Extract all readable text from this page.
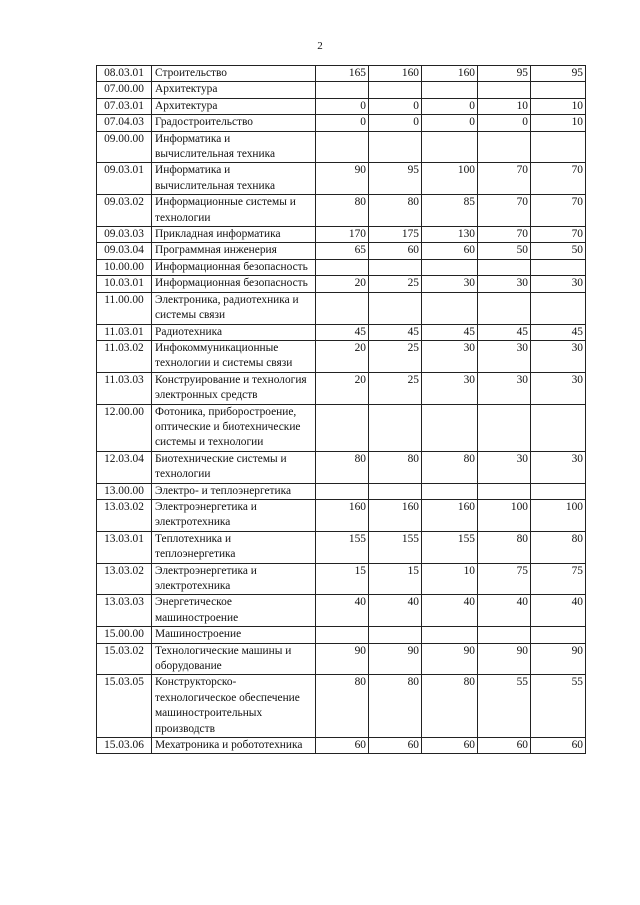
2
08.03.01	Строительство	165	160	160	95	95
07.00.00	Архитектура					
07.03.01	Архитектура	0	0	0	10	10
07.04.03	Градостроительство	0	0	0	0	10
09.00.00	Информатика и вычислительная техника					
09.03.01	Информатика и вычислительная техника	90	95	100	70	70
09.03.02	Информационные системы и технологии	80	80	85	70	70
09.03.03	Прикладная информатика	170	175	130	70	70
09.03.04	Программная инженерия	65	60	60	50	50
10.00.00	Информационная безопасность					
10.03.01	Информационная безопасность	20	25	30	30	30
11.00.00	Электроника, радиотехника и системы связи					
11.03.01	Радиотехника	45	45	45	45	45
11.03.02	Инфокоммуникационные технологии и системы связи	20	25	30	30	30
11.03.03	Конструирование и технология электронных средств	20	25	30	30	30
12.00.00	Фотоника, приборостроение, оптические и биотехнические системы и технологии					
12.03.04	Биотехнические системы и технологии	80	80	80	30	30
13.00.00	Электро- и теплоэнергетика					
13.03.02	Электроэнергетика и электротехника	160	160	160	100	100
13.03.01	Теплотехника и теплоэнергетика	155	155	155	80	80
13.03.02	Электроэнергетика и электротехника	15	15	10	75	75
13.03.03	Энергетическое машиностроение	40	40	40	40	40
15.00.00	Машиностроение					
15.03.02	Технологические машины и оборудование	90	90	90	90	90
15.03.05	Конструкторско-технологическое обеспечение машиностроительных производств	80	80	80	55	55
15.03.06	Мехатроника и робототехника	60	60	60	60	60
